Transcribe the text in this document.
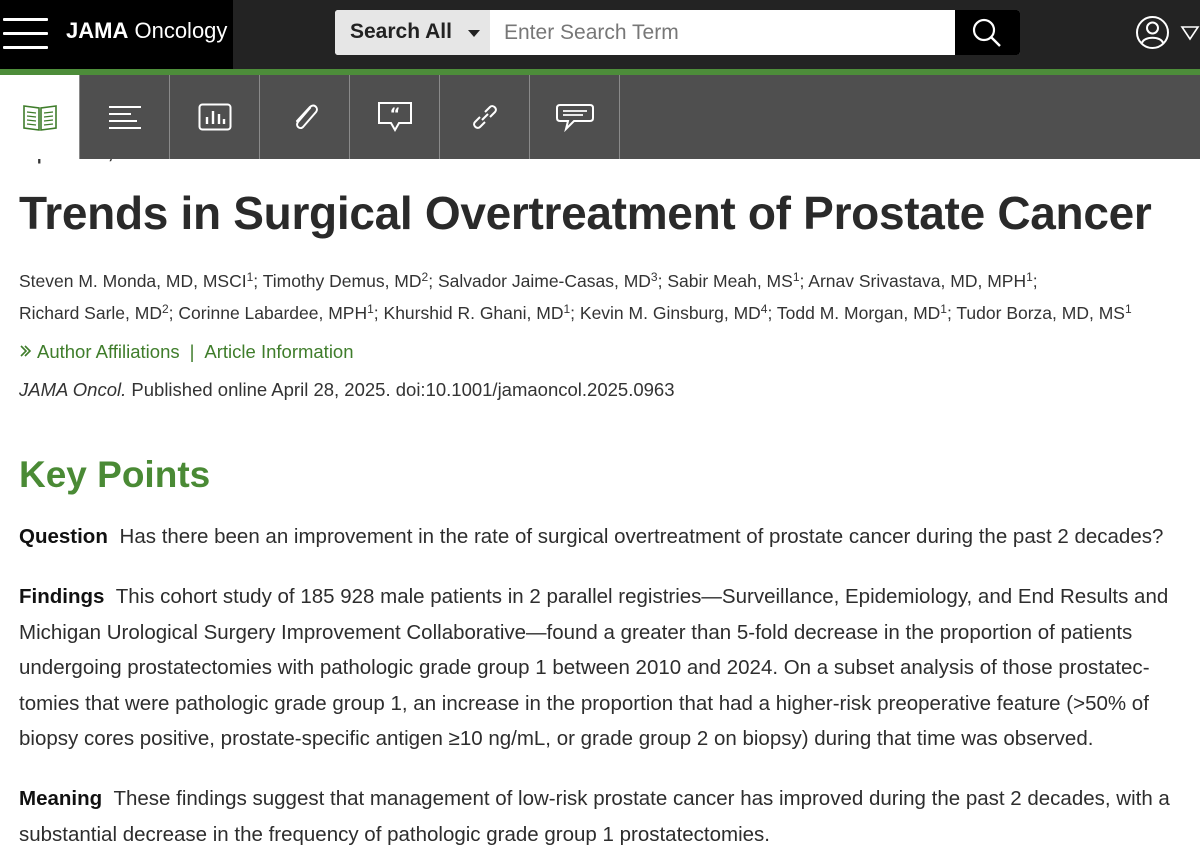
Trends in Surgical Overtreatment of Prostate Cancer
Steven M. Monda, MD, MSCI$^1$; Timothy Demus, $MD^2$; Salvador Jaime-Casas, $MD^3$; Sabir Meah, $MS^1$; Arnav Srivastava, MD, MPH$^1$;
Richard Sarle, $MD^2$; Corinne Labardee, MPH$^1$; Khurshid R. Ghani, $MD^1$; Kevin M. Ginsburg, $MD^4$; Todd M. Morgan, $MD^1$; Tudor Borza, MD, $MS^1$
Author Affiliations | Article Information
JAMA Oncol. Published online April 28, 2025. doi:10.1001/jamaoncol.2025.0963
Key Points

Question Has there been an improvement in the rate of surgical overtreatment of prostate cancer during the past 2 decades?

Findings This cohort study of 185 928 male patients in 2 parallel registries—Surveillance, Epidemiology, and End Results and Michigan Urological Surgery Improvement Collaborative—found a greater than 5-fold decrease in the proportion of patients undergoing prostatectomies with pathologic grade group 1 between 2010 and 2024. On a subset analysis of those prostatectomies that were pathologic grade group 1, an increase in the proportion that had a higher-risk preoperative feature (>50% of biopsy cores positive, prostate-specific antigen ≥10 ng/mL, or grade group 2 on biopsy) during that time was observed.

Meaning These findings suggest that management of low-risk prostate cancer has improved during the past 2 decades, with a substantial decrease in the frequency of pathologic grade group 1 prostatectomies.

JAMA Oncology	Search All
Enter Search Term
“
